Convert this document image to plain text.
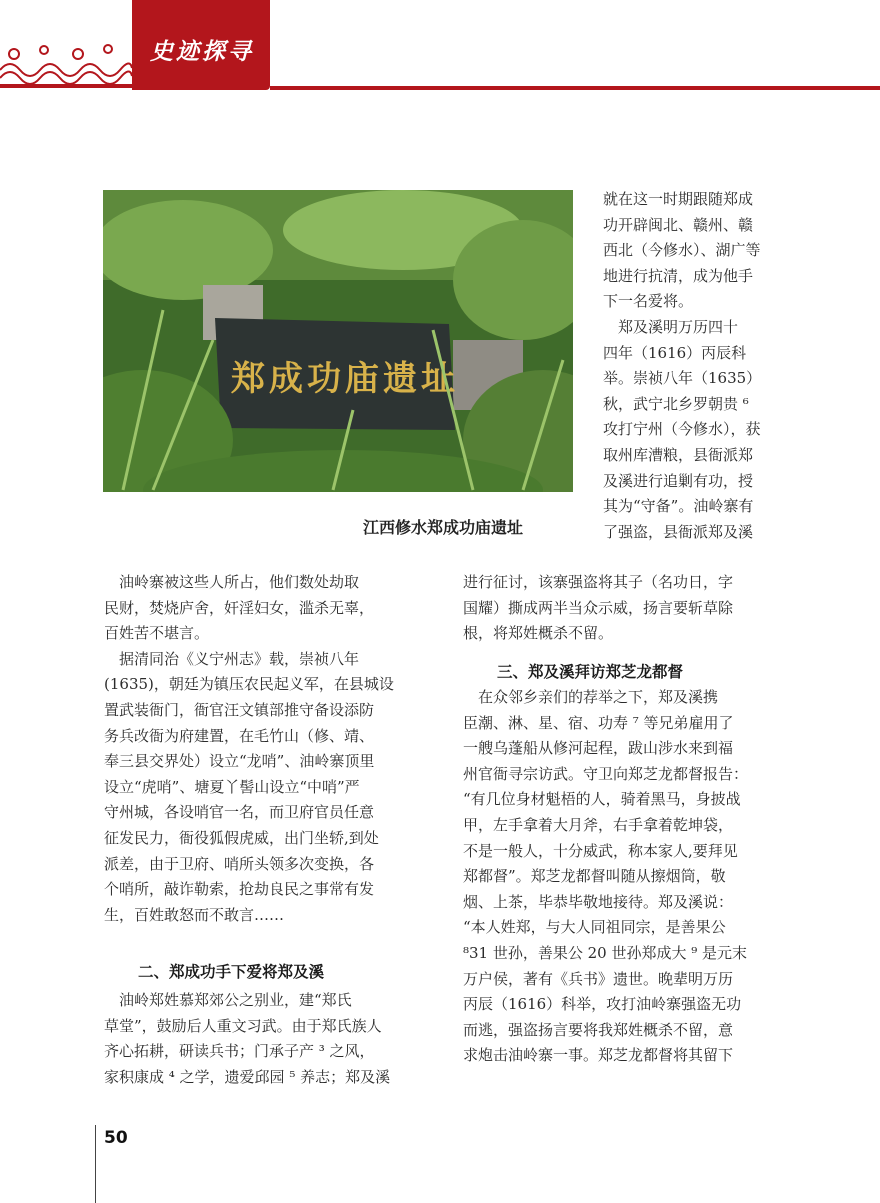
史迹探寻
郑成功庙遗址
江西修水郑成功庙遗址
就在这一时期跟随郑成
功开辟闽北、赣州、赣
西北（今修水）、湖广等
地进行抗清，成为他手
下一名爱将。
　郑及溪明万历四十
四年（1616）丙辰科
举。崇祯八年（1635）
秋，武宁北乡罗朝贵 ⁶
攻打宁州（今修水），获
取州库漕粮，县衙派郑
及溪进行追剿有功，授
其为“守备”。油岭寨有
了强盗，县衙派郑及溪
　油岭寨被这些人所占，他们数处劫取
民财，焚烧庐舍，奸淫妇女，滥杀无辜，
百姓苦不堪言。
　据清同治《义宁州志》载，崇祯八年
(1635)，朝廷为镇压农民起义军，在县城设
置武装衙门，衙官汪文镇部推守备设添防
务兵改衙为府建置，在毛竹山（修、靖、
奉三县交界处）设立“龙哨”、油岭寨顶里
设立“虎哨”、塘夏丫髻山设立“中哨”严
守州城，各设哨官一名，而卫府官员任意
征发民力，衙役狐假虎威，出门坐轿,到处
派差，由于卫府、哨所头领多次变换，各
个哨所，敲诈勒索，抢劫良民之事常有发
生，百姓敢怒而不敢言……
二、郑成功手下爱将郑及溪
　油岭郑姓慕郑郊公之别业，建“郑氏
草堂”，鼓励后人重文习武。由于郑氏族人
齐心拓耕，研读兵书；门承子产 ³ 之风，
家积康成 ⁴ 之学，遗爱邱园 ⁵ 养志；郑及溪
进行征讨，该寨强盗将其子（名功日，字
国耀）撕成两半当众示威，扬言要斩草除
根，将郑姓概杀不留。
三、郑及溪拜访郑芝龙都督
　在众邻乡亲们的荐举之下，郑及溪携
臣潮、淋、星、宿、功寿 ⁷ 等兄弟雇用了
一艘乌蓬船从修河起程，跋山涉水来到福
州官衙寻宗访武。守卫向郑芝龙都督报告：
“有几位身材魁梧的人，骑着黑马，身披战
甲，左手拿着大月斧，右手拿着乾坤袋，
不是一般人，十分威武，称本家人,要拜见
郑都督”。郑芝龙都督叫随从擦烟筒，敬
烟、上茶，毕恭毕敬地接待。郑及溪说：
“本人姓郑，与大人同祖同宗，是善果公
⁸31 世孙，善果公 20 世孙郑成大 ⁹ 是元末
万户侯，著有《兵书》遗世。晚辈明万历
丙辰（1616）科举，攻打油岭寨强盗无功
而逃，强盗扬言要将我郑姓概杀不留，意
求炮击油岭寨一事。郑芝龙都督将其留下
50
